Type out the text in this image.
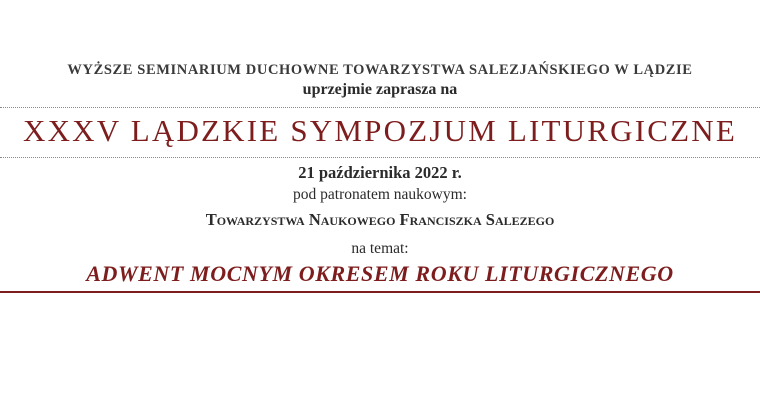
WYŻSZE SEMINARIUM DUCHOWNE TOWARZYSTWA SALEZJAŃSKIEGO W LĄDZIE
uprzejmie zaprasza na
XXXV LĄDZKIE SYMPOZJUM LITURGICZNE
21 października 2022 r.
pod patronatem naukowym:
Towarzystwa Naukowego Franciszka Salezego
na temat:
ADWENT MOCNYM OKRESEM ROKU LITURGICZNEGO
